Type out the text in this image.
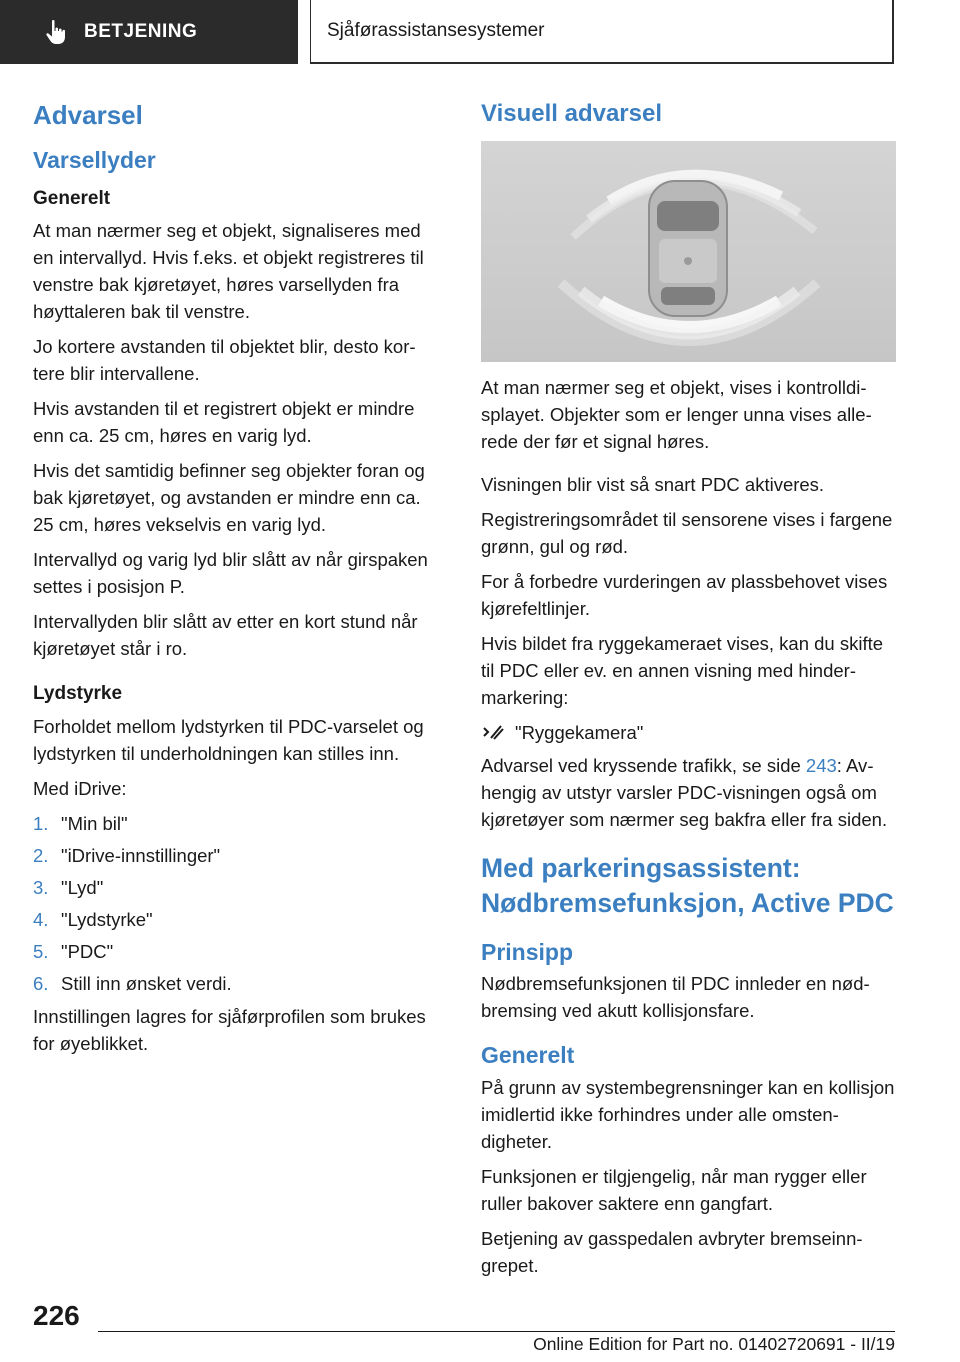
BETJENING	Sjåførassistansesystemer
Advarsel
Varsellyder
Generelt

At man nærmer seg et objekt, signaliseres med en intervallyd. Hvis f.eks. et objekt registreres til venstre bak kjøretøyet, høres varsellyden fra høyttaleren bak til venstre.

Jo kortere avstanden til objektet blir, desto kortere blir intervallene.

Hvis avstanden til et registrert objekt er mindre enn ca. 25 cm, høres en varig lyd.

Hvis det samtidig befinner seg objekter foran og bak kjøretøyet, og avstanden er mindre enn ca. 25 cm, høres vekselvis en varig lyd.

Intervallyd og varig lyd blir slått av når girspaken settes i posisjon P.

Intervallyden blir slått av etter en kort stund når kjøretøyet står i ro.

Lydstyrke

Forholdet mellom lydstyrken til PDC-varselet og lydstyrken til underholdningen kan stilles inn.

Med iDrive:

1. "Min bil"
2. "iDrive-innstillinger"
3. "Lyd"
4. "Lydstyrke"
5. "PDC"
6. Still inn ønsket verdi.

Innstillingen lagres for sjåførprofilen som brukes for øyeblikket.

Visuell advarsel

At man nærmer seg et objekt, vises i kontrolldisplayet. Objekter som er lenger unna vises allerede der før et signal høres.

Visningen blir vist så snart PDC aktiveres.

Registreringsområdet til sensorene vises i fargene grønn, gul og rød.

For å forbedre vurderingen av plassbehovet vises kjørefeltlinjer.

Hvis bildet fra ryggekameraet vises, kan du skifte til PDC eller ev. en annen visning med hindermarkering:

"Ryggekamera"

Advarsel ved kryssende trafikk, se side 243: Avhengig av utstyr varsler PDC-visningen også om kjøretøyer som nærmer seg bakfra eller fra siden.

Med parkeringsassistent: Nødbremsefunksjon, Active PDC
Prinsipp

Nødbremsefunksjonen til PDC innleder en nødbremsing ved akutt kollisjonsfare.

Generelt

På grunn av systembegrensninger kan en kollisjon imidlertid ikke forhindres under alle omstendigheter.

Funksjonen er tilgjengelig, når man rygger eller ruller bakover saktere enn gangfart.

Betjening av gasspedalen avbryter bremseinngrepet.

226
Online Edition for Part no. 01402720691 - II/19
